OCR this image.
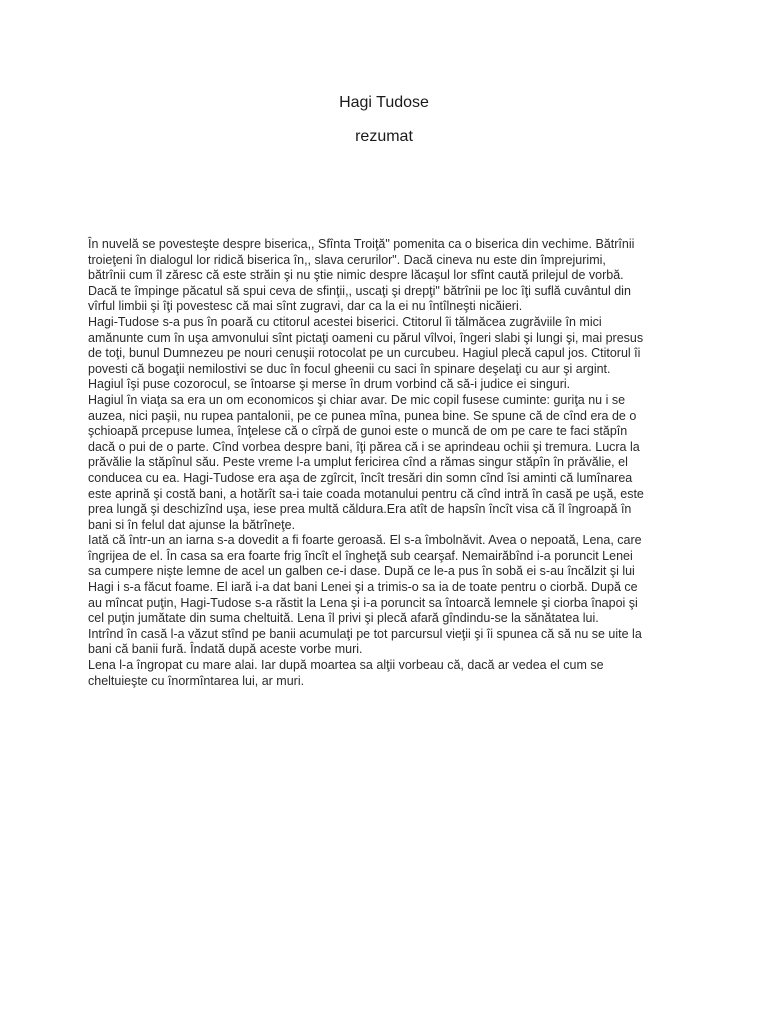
Hagi Tudose
rezumat
În nuvelă se povesteşte despre biserica,, Sfînta Troiţă" pomenita ca o biserica din vechime. Bătrînii
troieţeni în dialogul lor ridică biserica în,, slava cerurilor". Dacă cineva nu este din împrejurimi,
bătrînii cum îl zăresc că este străin şi nu ştie nimic despre lăcaşul lor sfînt caută prilejul de vorbă.
Dacă te împinge păcatul să spui ceva de sfinţii,, uscaţi şi drepţi" bătrînii pe loc îţi suflă cuvântul din
vîrful limbii şi îţi povestesc că mai sînt zugravi, dar ca la ei nu întîlneşti nicăieri.
Hagi-Tudose s-a pus în poară cu ctitorul acestei biserici. Ctitorul îi tălmăcea zugrăviile în mici
amănunte cum în uşa amvonului sînt pictaţi oameni cu părul vîlvoi, îngeri slabi şi lungi şi, mai presus
de toţi, bunul Dumnezeu pe nouri cenuşii rotocolat pe un curcubeu. Hagiul plecă capul jos. Ctitorul îi
povesti că bogaţii nemilostivi se duc în focul gheenii cu saci în spinare deşelaţi cu aur şi argint.
Hagiul îşi puse cozorocul, se întoarse şi merse în drum vorbind că să-i judice ei singuri.
Hagiul în viaţa sa era un om economicos şi chiar avar. De mic copil fusese cuminte: guriţa nu i se
auzea, nici paşii, nu rupea pantalonii, pe ce punea mîna, punea bine. Se spune că de cînd era de o
şchioapă prcepuse lumea, înţelese că o cîrpă de gunoi este o muncă de om pe care te faci stăpîn
dacă o pui de o parte. Cînd vorbea despre bani, îţi părea că i se aprindeau ochii şi tremura. Lucra la
prăvălie la stăpînul său. Peste vreme l-a umplut fericirea cînd a rămas singur stăpîn în prăvălie, el
conducea cu ea. Hagi-Tudose era aşa de zgîrcit, încît tresări din somn cînd îsi aminti că lumînarea
este aprină şi costă bani, a hotărît sa-i taie coada motanului pentru că cînd intră în casă pe uşă, este
prea lungă şi deschizînd uşa, iese prea multă căldura.Era atît de hapsîn încît visa că îl îngroapă în
bani si în felul dat ajunse la bătrîneţe.
Iată că într-un an iarna s-a dovedit a fi foarte geroasă. El s-a îmbolnăvit. Avea o nepoată, Lena, care
îngrijea de el. În casa sa era foarte frig încît el îngheţă sub cearşaf. Nemairăbînd i-a poruncit Lenei
sa cumpere nişte lemne de acel un galben ce-i dase. După ce le-a pus în sobă ei s-au încălzit şi lui
Hagi i s-a făcut foame. El iară i-a dat bani Lenei şi a trimis-o sa ia de toate pentru o ciorbă. După ce
au mîncat puţin, Hagi-Tudose s-a răstit la Lena şi i-a poruncit sa întoarcă lemnele şi ciorba înapoi şi
cel puţin jumătate din suma cheltuită. Lena îl privi şi plecă afară gîndindu-se la sănătatea lui.
Intrînd în casă l-a văzut stînd pe banii acumulaţi pe tot parcursul vieţii şi îi spunea că să nu se uite la
bani că banii fură. Îndată după aceste vorbe muri.
Lena l-a îngropat cu mare alai. Iar după moartea sa alţii vorbeau că, dacă ar vedea el cum se
cheltuieşte cu înormîntarea lui, ar muri.
